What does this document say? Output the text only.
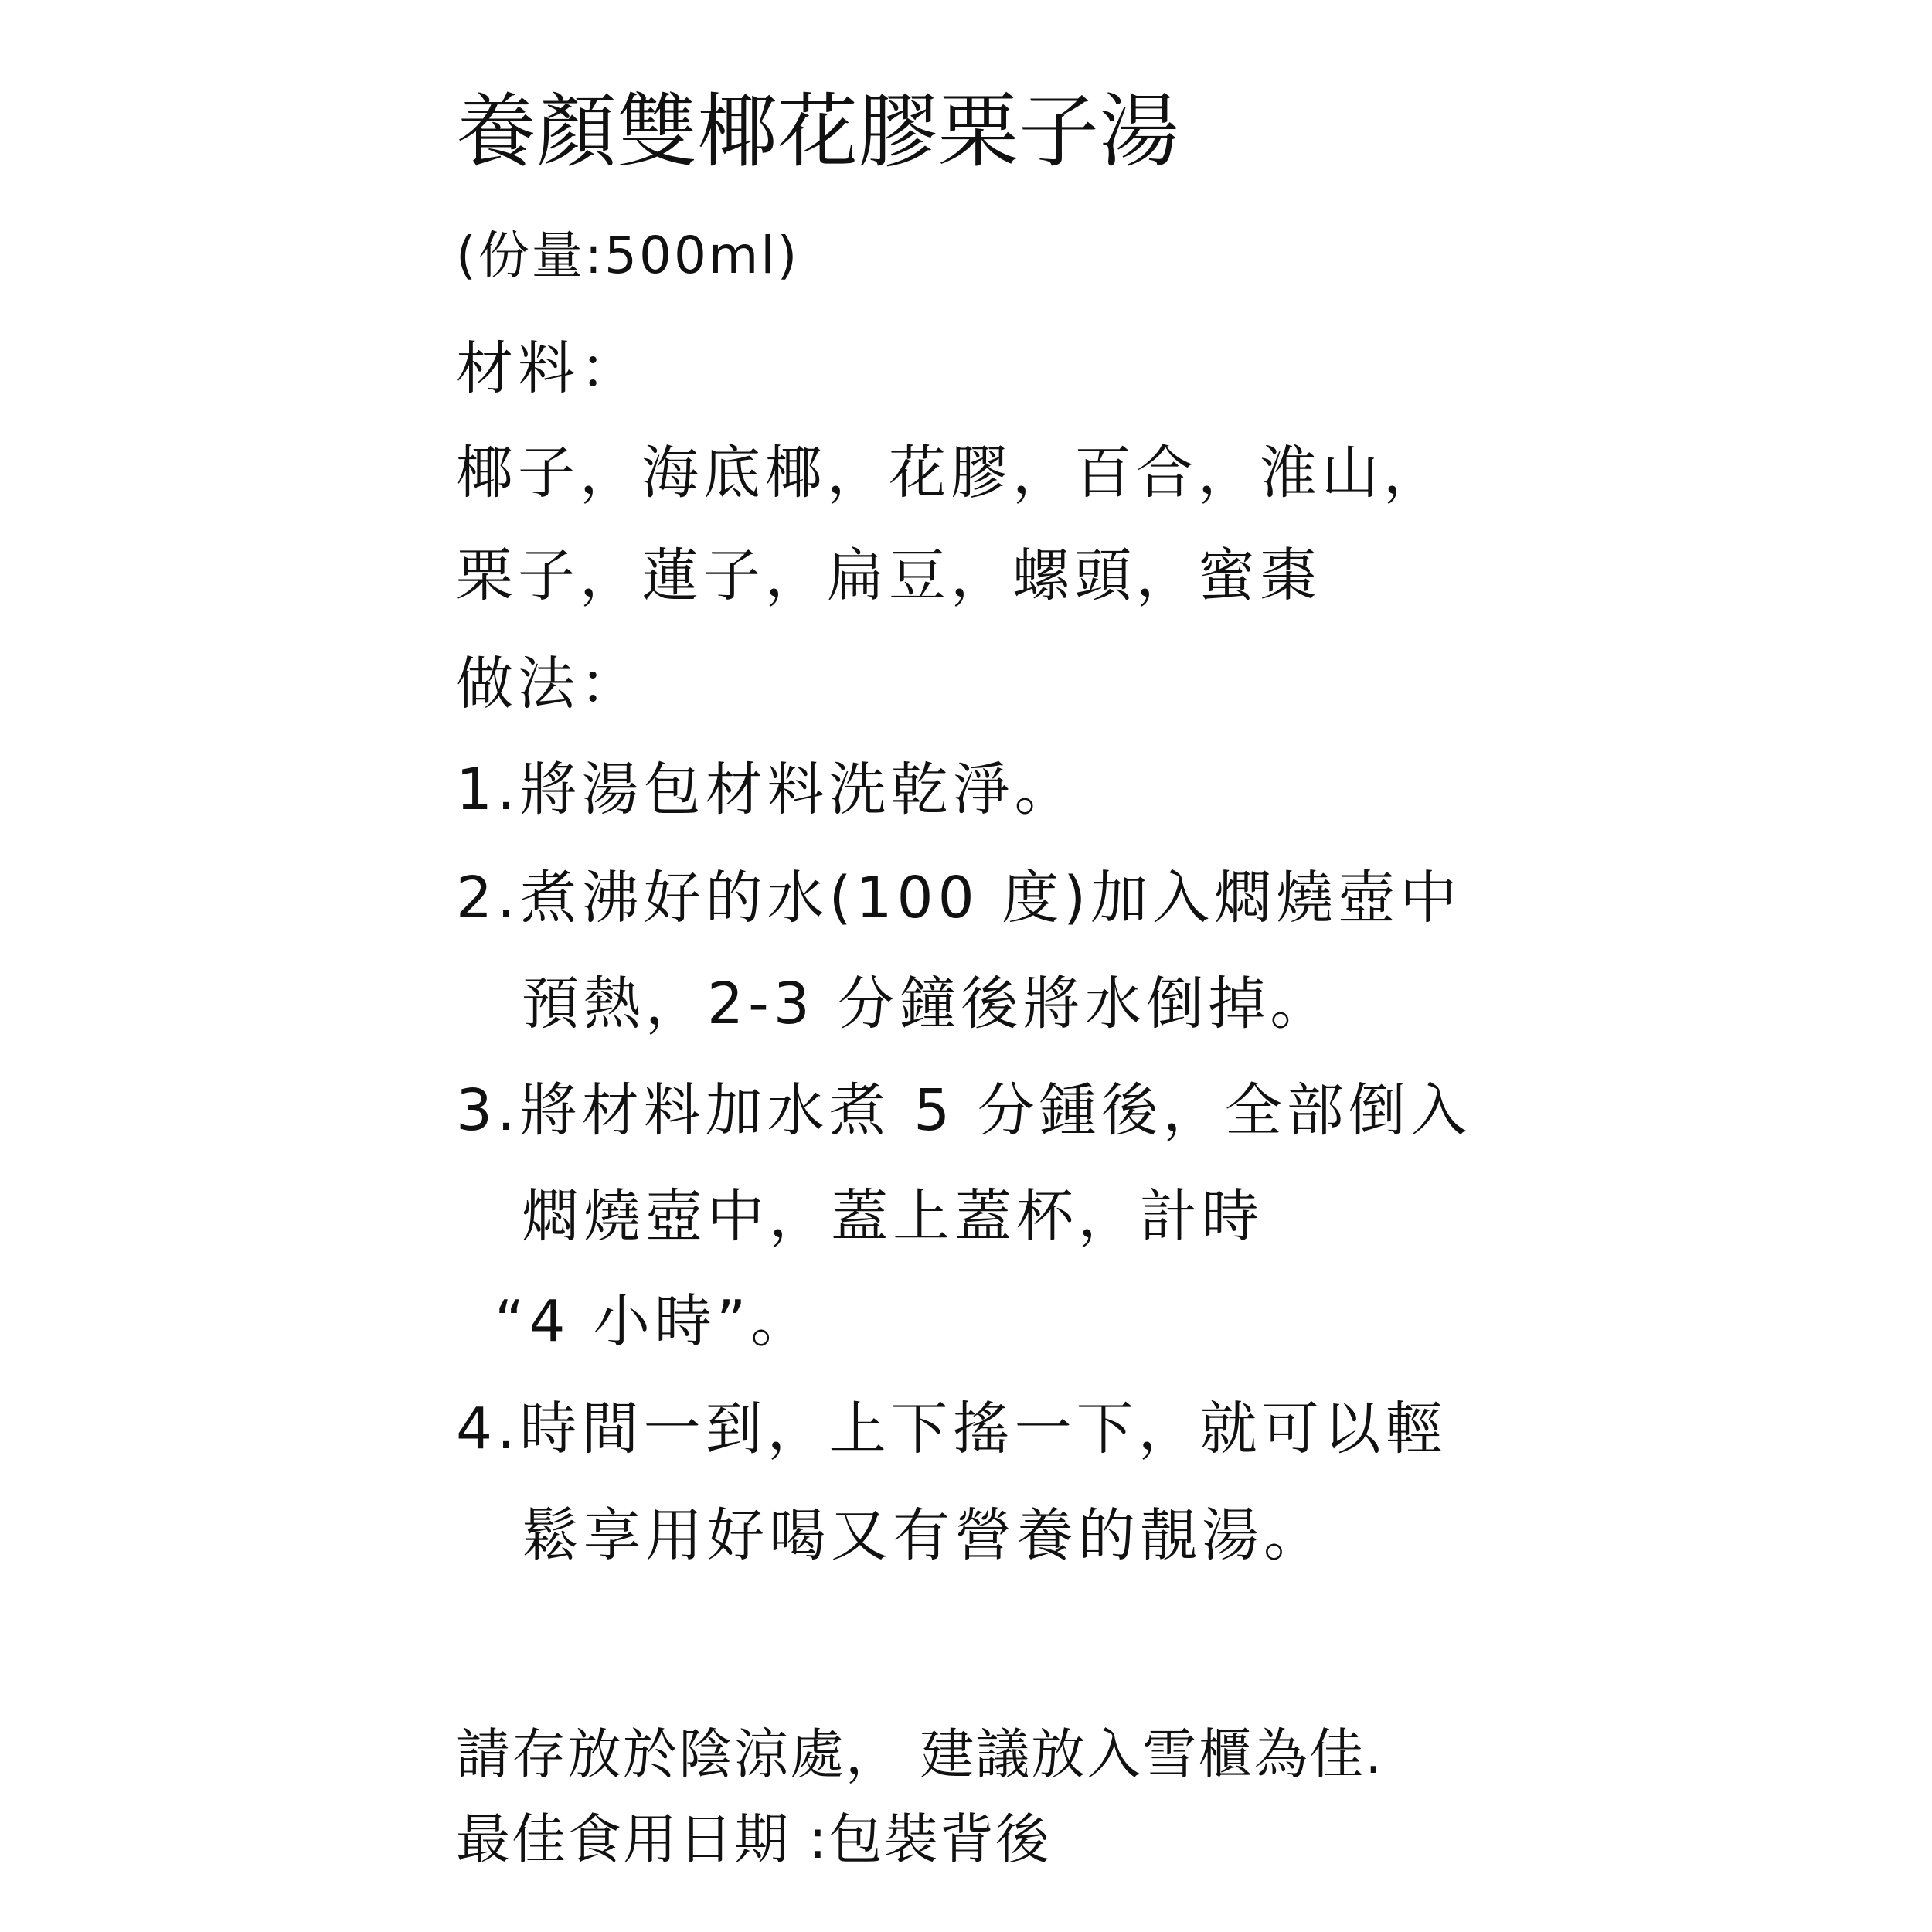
養顏雙椰花膠栗子湯
(份量:500ml)
材料：
椰子，海底椰，花膠，百合，淮山，
栗子，蓮子，扁豆，螺頭，蜜棗
做法：
1.將湯包材料洗乾淨。
2.煮沸好的水(100 度)加入燜燒壺中
預熱，2-3 分鐘後將水倒掉。
3.將材料加水煮 5 分鍾後，全部倒入
燜燒壺中，蓋上蓋杯，計時
“4 小時”。
4.時間一到，上下搖一下，就可以輕
鬆享用好喝又有營養的靚湯。
請存放於陰涼處， 建議放入雪櫃為佳.
最佳食用日期 :包裝背後
